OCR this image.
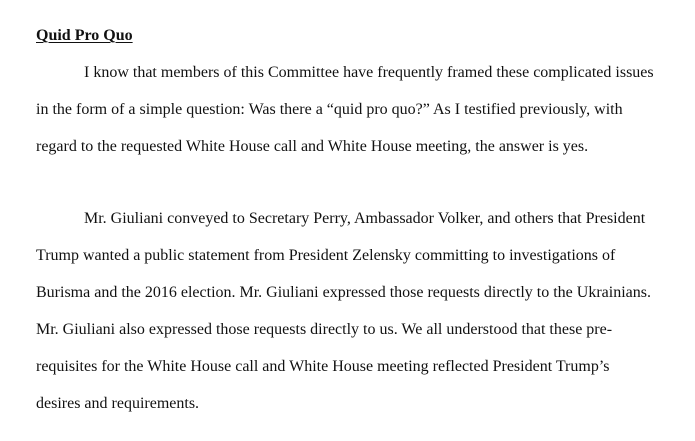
Quid Pro Quo

I know that members of this Committee have frequently framed these complicated issues

in the form of a simple question: Was there a “quid pro quo?” As I testified previously, with

regard to the requested White House call and White House meeting, the answer is yes.

Mr. Giuliani conveyed to Secretary Perry, Ambassador Volker, and others that President

Trump wanted a public statement from President Zelensky committing to investigations of

Burisma and the 2016 election. Mr. Giuliani expressed those requests directly to the Ukrainians.

Mr. Giuliani also expressed those requests directly to us. We all understood that these pre-

requisites for the White House call and White House meeting reflected President Trump’s

desires and requirements.
